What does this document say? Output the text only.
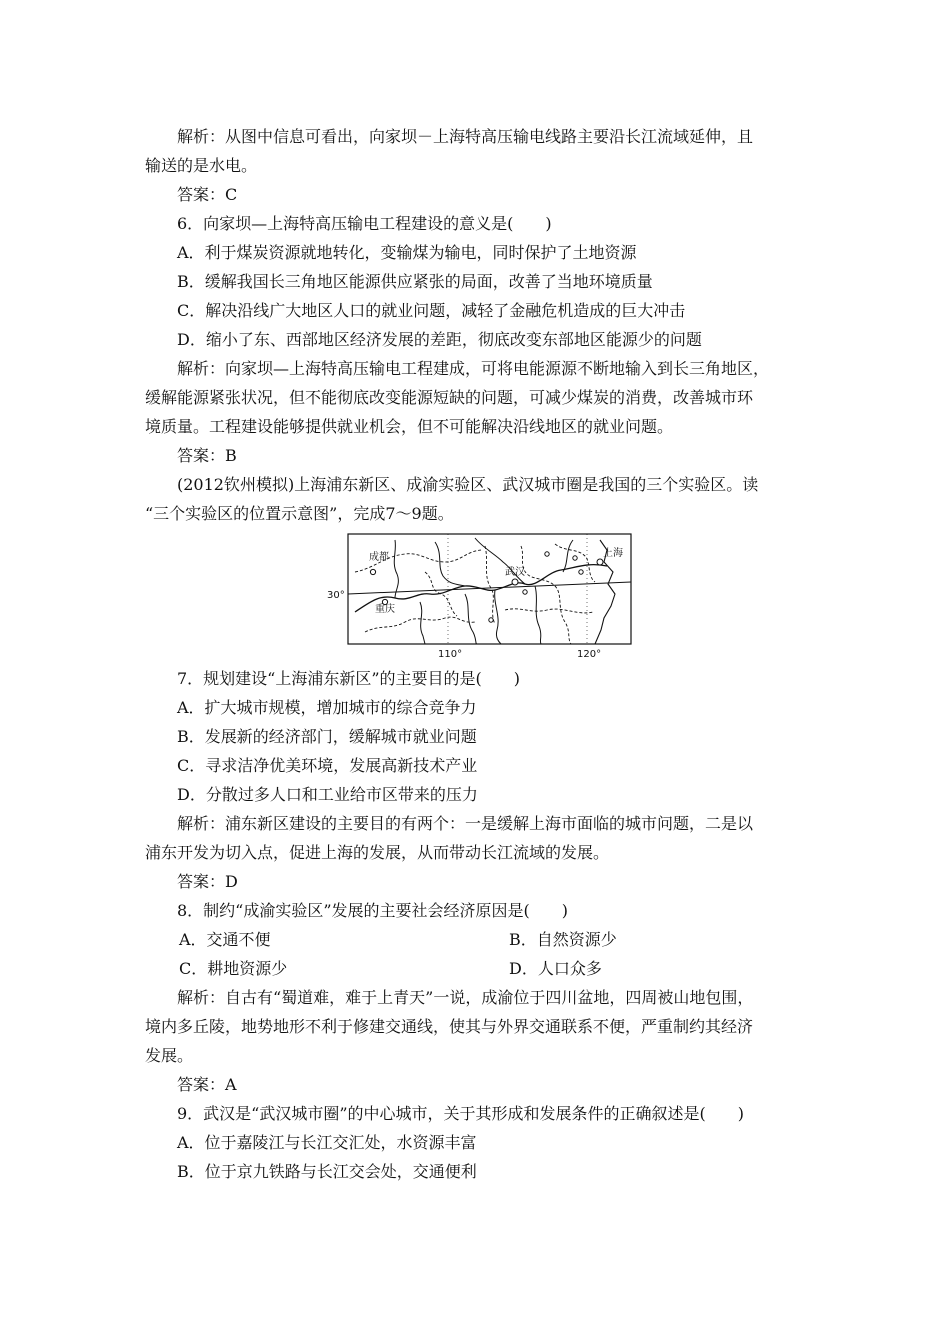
解析：从图中信息可看出，向家坝－上海特高压输电线路主要沿长江流域延伸，且

输送的是水电。

答案：C

6．向家坝—上海特高压输电工程建设的意义是(　　)

A．利于煤炭资源就地转化，变输煤为输电，同时保护了土地资源

B．缓解我国长三角地区能源供应紧张的局面，改善了当地环境质量

C．解决沿线广大地区人口的就业问题，减轻了金融危机造成的巨大冲击

D．缩小了东、西部地区经济发展的差距，彻底改变东部地区能源少的问题

解析：向家坝—上海特高压输电工程建成，可将电能源源不断地输入到长三角地区，

缓解能源紧张状况，但不能彻底改变能源短缺的问题，可减少煤炭的消费，改善城市环

境质量。工程建设能够提供就业机会，但不可能解决沿线地区的就业问题。

答案：B

(2012钦州模拟)上海浦东新区、成渝实验区、武汉城市圈是我国的三个实验区。读

“三个实验区的位置示意图”，完成7～9题。

成都
重庆
武汉
上海
30°
110°	120°

7．规划建设“上海浦东新区”的主要目的是(　　)

A．扩大城市规模，增加城市的综合竞争力

B．发展新的经济部门，缓解城市就业问题

C．寻求洁净优美环境，发展高新技术产业

D．分散过多人口和工业给市区带来的压力

解析：浦东新区建设的主要目的有两个：一是缓解上海市面临的城市问题，二是以

浦东开发为切入点，促进上海的发展，从而带动长江流域的发展。

答案：D

8．制约“成渝实验区”发展的主要社会经济原因是(　　)

A．交通不便	B．自然资源少
C．耕地资源少	D．人口众多

解析：自古有“蜀道难，难于上青天”一说，成渝位于四川盆地，四周被山地包围，

境内多丘陵，地势地形不利于修建交通线，使其与外界交通联系不便，严重制约其经济

发展。

答案：A

9．武汉是“武汉城市圈”的中心城市，关于其形成和发展条件的正确叙述是(　　)

A．位于嘉陵江与长江交汇处，水资源丰富

B．位于京九铁路与长江交会处，交通便利
